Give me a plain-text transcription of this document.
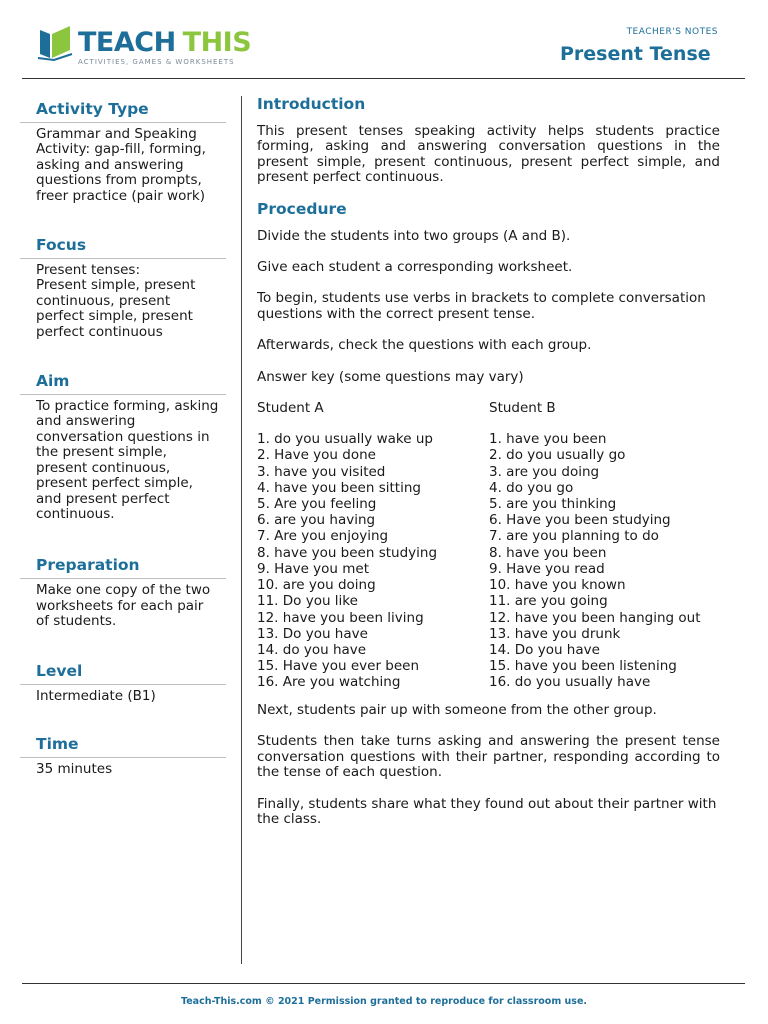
TEACH THIS
ACTIVITIES, GAMES & WORKSHEETS
TEACHER'S NOTES
Present Tense
Activity Type
Grammar and Speaking Activity: gap-fill, forming, asking and answering questions from prompts, freer practice (pair work)
Focus
Present tenses:
Present simple, present continuous, present perfect simple, present perfect continuous
Aim
To practice forming, asking and answering conversation questions in the present simple, present continuous, present perfect simple, and present perfect continuous.
Preparation
Make one copy of the two worksheets for each pair of students.
Level
Intermediate (B1)
Time
35 minutes
Introduction

This present tenses speaking activity helps students practice forming, asking and answering conversation questions in the present simple, present continuous, present perfect simple, and present perfect continuous.

Procedure

Divide the students into two groups (A and B).

Give each student a corresponding worksheet.

To begin, students use verbs in brackets to complete conversation questions with the correct present tense.

Afterwards, check the questions with each group.

Answer key (some questions may vary)

Student A
1. do you usually wake up
2. Have you done
3. have you visited
4. have you been sitting
5. Are you feeling
6. are you having
7. Are you enjoying
8. have you been studying
9. Have you met
10. are you doing
11. Do you like
12. have you been living
13. Do you have
14. do you have
15. Have you ever been
16. Are you watching
Student B
1. have you been
2. do you usually go
3. are you doing
4. do you go
5. are you thinking
6. Have you been studying
7. are you planning to do
8. have you been
9. Have you read
10. have you known
11. are you going
12. have you been hanging out
13. have you drunk
14. Do you have
15. have you been listening
16. do you usually have

Next, students pair up with someone from the other group.

Students then take turns asking and answering the present tense conversation questions with their partner, responding according to the tense of each question.

Finally, students share what they found out about their partner with the class.

Teach-This.com © 2021 Permission granted to reproduce for classroom use.
